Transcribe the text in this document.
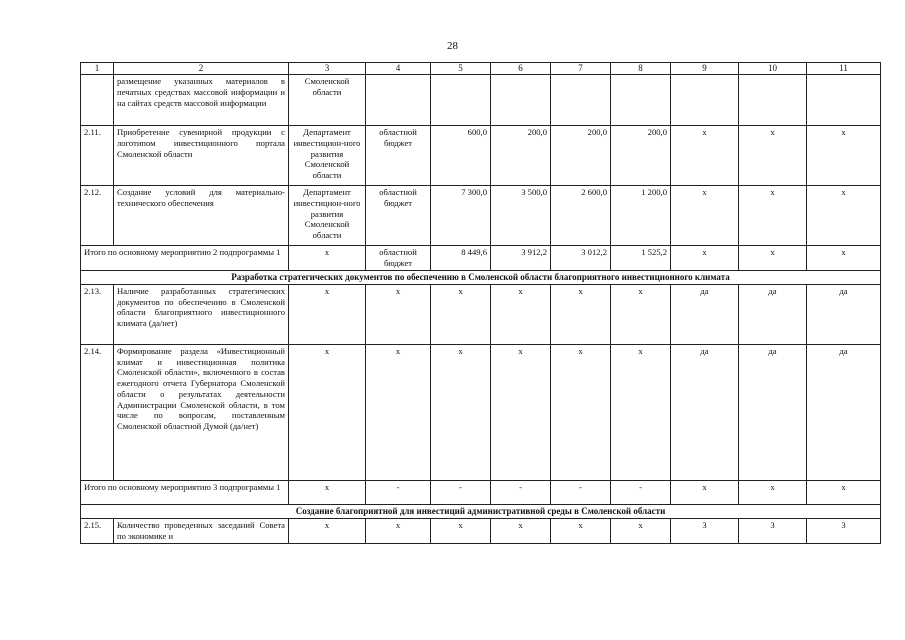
28
1	2	3	4	5	6	7	8	9	10	11
	размещение указанных материалов в печатных средствах массовой информации и на сайтах средств массовой информации	Смоленской области								
2.11.	Приобретение сувенирной продукции с логотипом инвестиционного портала Смоленской области	Департамент инвестицион-ного развития Смоленской области	областной бюджет	600,0	200,0	200,0	200,0	х	х	х
2.12.	Создание условий для материально-технического обеспечения	Департамент инвестицион-ного развития Смоленской области	областной бюджет	7 300,0	3 500,0	2 600,0	1 200,0	х	х	х
Итого по основному мероприятию 2 подпрограммы 1		х	областной бюджет	8 449,6	3 912,2	3 012,2	1 525,2	х	х	х
Разработка стратегических документов по обеспечению в Смоленской области благоприятного инвестиционного климата										
2.13.	Наличие разработанных стратегических документов по обеспечению в Смоленской области благоприятного инвестиционного климата (да/нет)	х	х	х	х	х	х	да	да	да
2.14.	Формирование раздела «Инвестиционный климат и инвестиционная политика Смоленской области», включенного в состав ежегодного отчета Губернатора Смоленской области о результатах деятельности Администрации Смоленской области, в том числе по вопросам, поставленным Смоленской областной Думой (да/нет)	х	х	х	х	х	х	да	да	да
Итого по основному мероприятию 3 подпрограммы 1		х	-	-	-	-	-	х	х	х
Создание благоприятной для инвестиций административной среды в Смоленской области										
2.15.	Количество проведенных заседаний Совета по экономике и	х	х	х	х	х	х	3	3	3
